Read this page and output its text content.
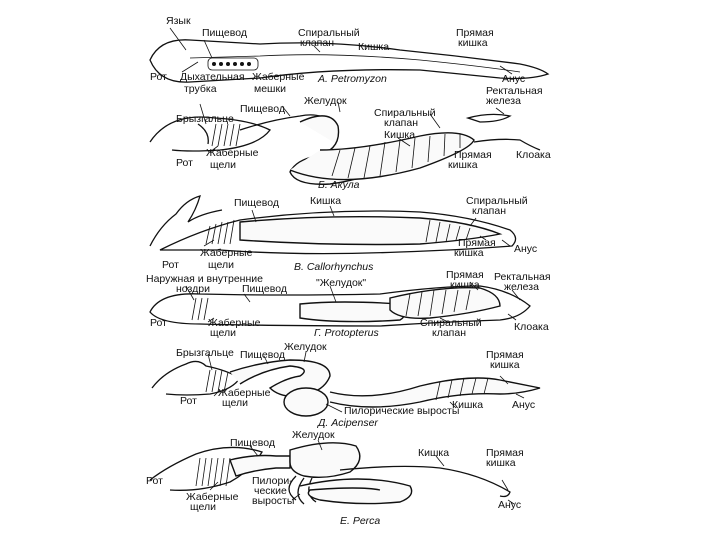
Язык
Пищевод	Спиральный
клапан Кишка
Прямая
кишка
Рот Дыхательная
трубка
Жаберные
мешки
А. Petromyzon	Анус
Пищевод
Желудок
Брызгальце	Спиральный
клапан
Ректальная
железа
Кишка
Жаберные
щели
Рот
Прямая
кишка
Клоака
Б. Акула
Пищевод	Кишка	Спиральный
клапан
Прямая
кишка	Анус
Рот
Жаберные
щели	В. Callorhynchus
Наружная и внутренние
ноздри	Пищевод	"Желудок"
Прямая
кишка
Ректальная
железа
Рот	Жаберные
щели
Спиральный
клапан	Клоака
Г. Protopterus
Брызгальце Пищевод
Желудок
Прямая
кишка
Рот
Жаберные
щели
Пилорические выросты
Кишка	Анус
Д. Acipenser
Пищевод
Желудок
Кишка	Прямая
кишка
Рот
Жаберные
щели
Пилори-
ческие
выросты	Анус
Е. Perca
